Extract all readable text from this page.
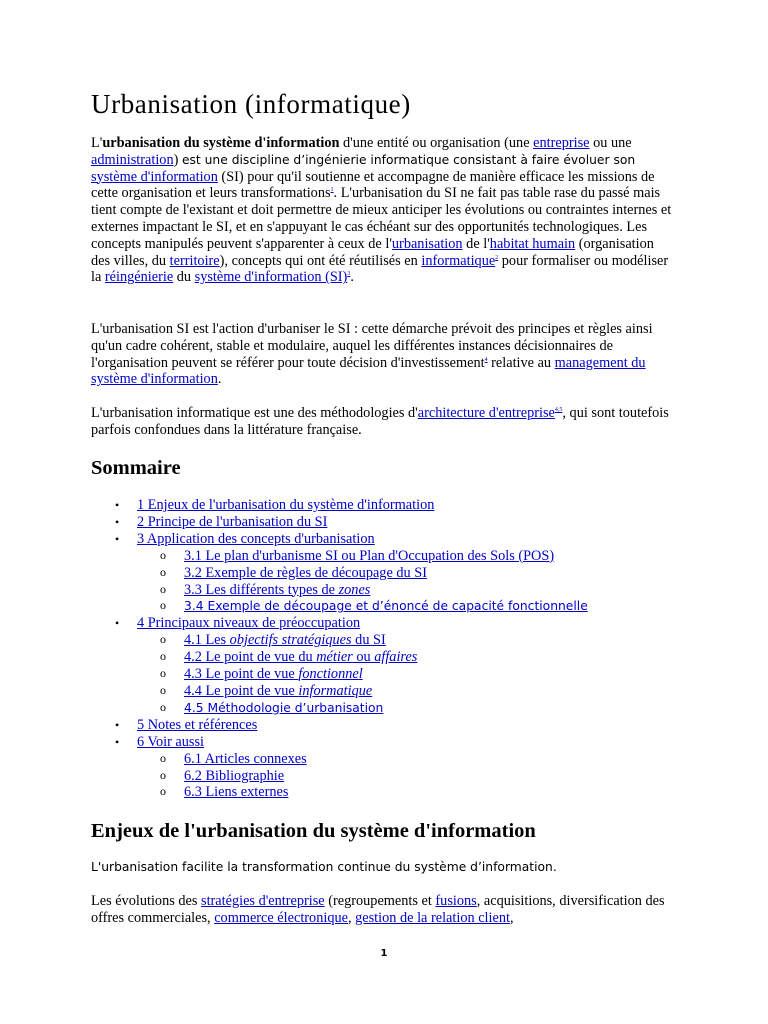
Urbanisation (informatique)

L'urbanisation du système d'information d'une entité ou organisation (une entreprise ou une administration) est une discipline d’ingénierie informatique consistant à faire évoluer son système d'information (SI) pour qu'il soutienne et accompagne de manière efficace les missions de cette organisation et leurs transformations$^1$. L'urbanisation du SI ne fait pas table rase du passé mais tient compte de l'existant et doit permettre de mieux anticiper les évolutions ou contraintes internes et externes impactant le SI, et en s'appuyant le cas échéant sur des opportunités technologiques. Les concepts manipulés peuvent s'apparenter à ceux de l'urbanisation de l'habitat humain (organisation des villes, du territoire), concepts qui ont été réutilisés en informatique$^2$ pour formaliser ou modéliser la réingénierie du système d'information (SI)$^3$.

L'urbanisation SI est l'action d'urbaniser le SI : cette démarche prévoit des principes et règles ainsi qu'un cadre cohérent, stable et modulaire, auquel les différentes instances décisionnaires de l'organisation peuvent se référer pour toute décision d'investissement$^4$ relative au management du système d'information.

L'urbanisation informatique est une des méthodologies d'architecture d'entreprise$^{4,5}$, qui sont toutefois parfois confondues dans la littérature française.

Sommaire
• 1 Enjeux de l'urbanisation du système d'information
• 2 Principe de l'urbanisation du SI
• 3 Application des concepts d'urbanisation
o 3.1 Le plan d'urbanisme SI ou Plan d'Occupation des Sols (POS)
o 3.2 Exemple de règles de découpage du SI
o 3.3 Les différents types de zones
o 3.4 Exemple de découpage et d’énoncé de capacité fonctionnelle
• 4 Principaux niveaux de préoccupation
o 4.1 Les objectifs stratégiques du SI
o 4.2 Le point de vue du métier ou affaires
o 4.3 Le point de vue fonctionnel
o 4.4 Le point de vue informatique
o 4.5 Méthodologie d’urbanisation
• 5 Notes et références
• 6 Voir aussi
o 6.1 Articles connexes
o 6.2 Bibliographie
o 6.3 Liens externes
Enjeux de l'urbanisation du système d'information

L'urbanisation facilite la transformation continue du système d’information.

Les évolutions des stratégies d'entreprise (regroupements et fusions, acquisitions, diversification des offres commerciales, commerce électronique, gestion de la relation client,

1
